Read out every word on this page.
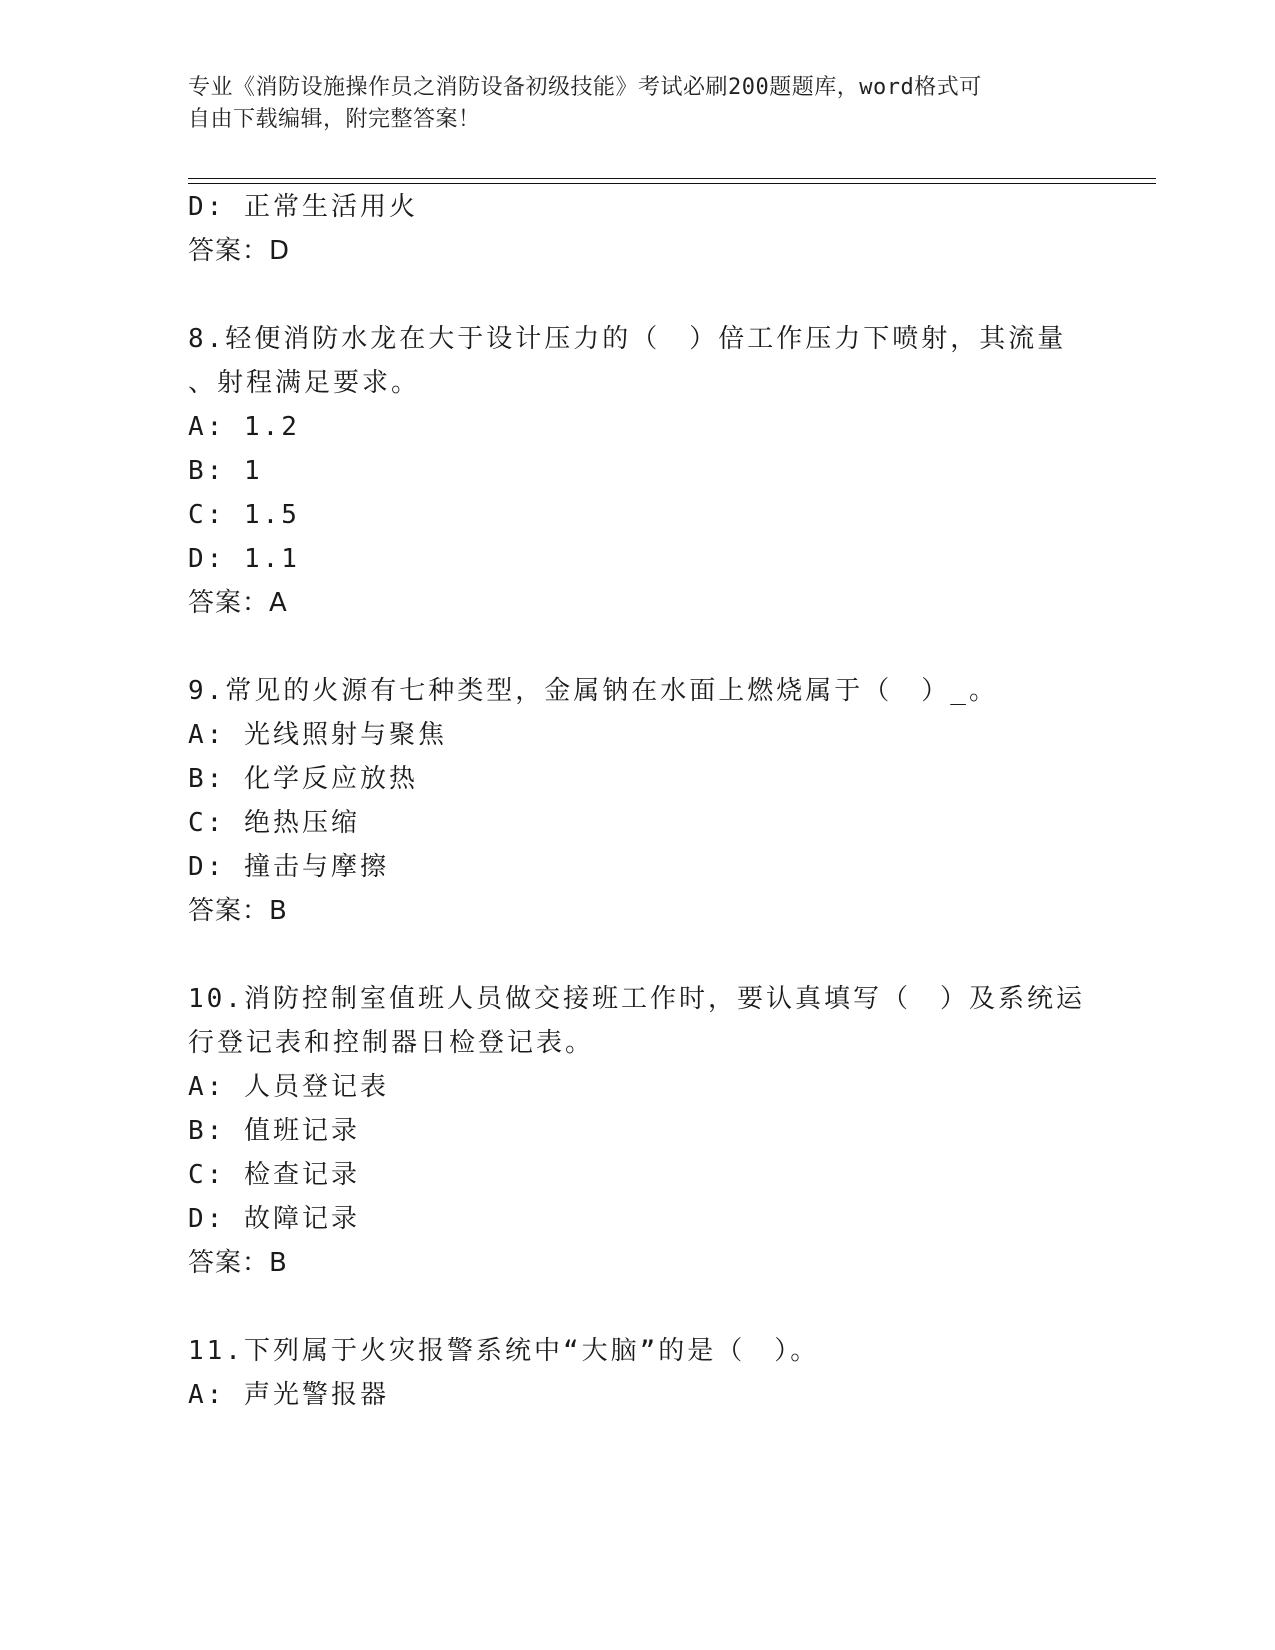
专业《消防设施操作员之消防设备初级技能》考试必刷200题题库，word格式可
自由下载编辑，附完整答案！
D: 正常生活用火
答案：D
8.轻便消防水龙在大于设计压力的（　）倍工作压力下喷射，其流量
、射程满足要求。
A: 1.2
B: 1
C: 1.5
D: 1.1
答案：A
9.常见的火源有七种类型，金属钠在水面上燃烧属于（　）_。
A: 光线照射与聚焦
B: 化学反应放热
C: 绝热压缩
D: 撞击与摩擦
答案：B
10.消防控制室值班人员做交接班工作时，要认真填写（　）及系统运
行登记表和控制器日检登记表。
A: 人员登记表
B: 值班记录
C: 检查记录
D: 故障记录
答案：B
11.下列属于火灾报警系统中“大脑”的是（　）。
A: 声光警报器
